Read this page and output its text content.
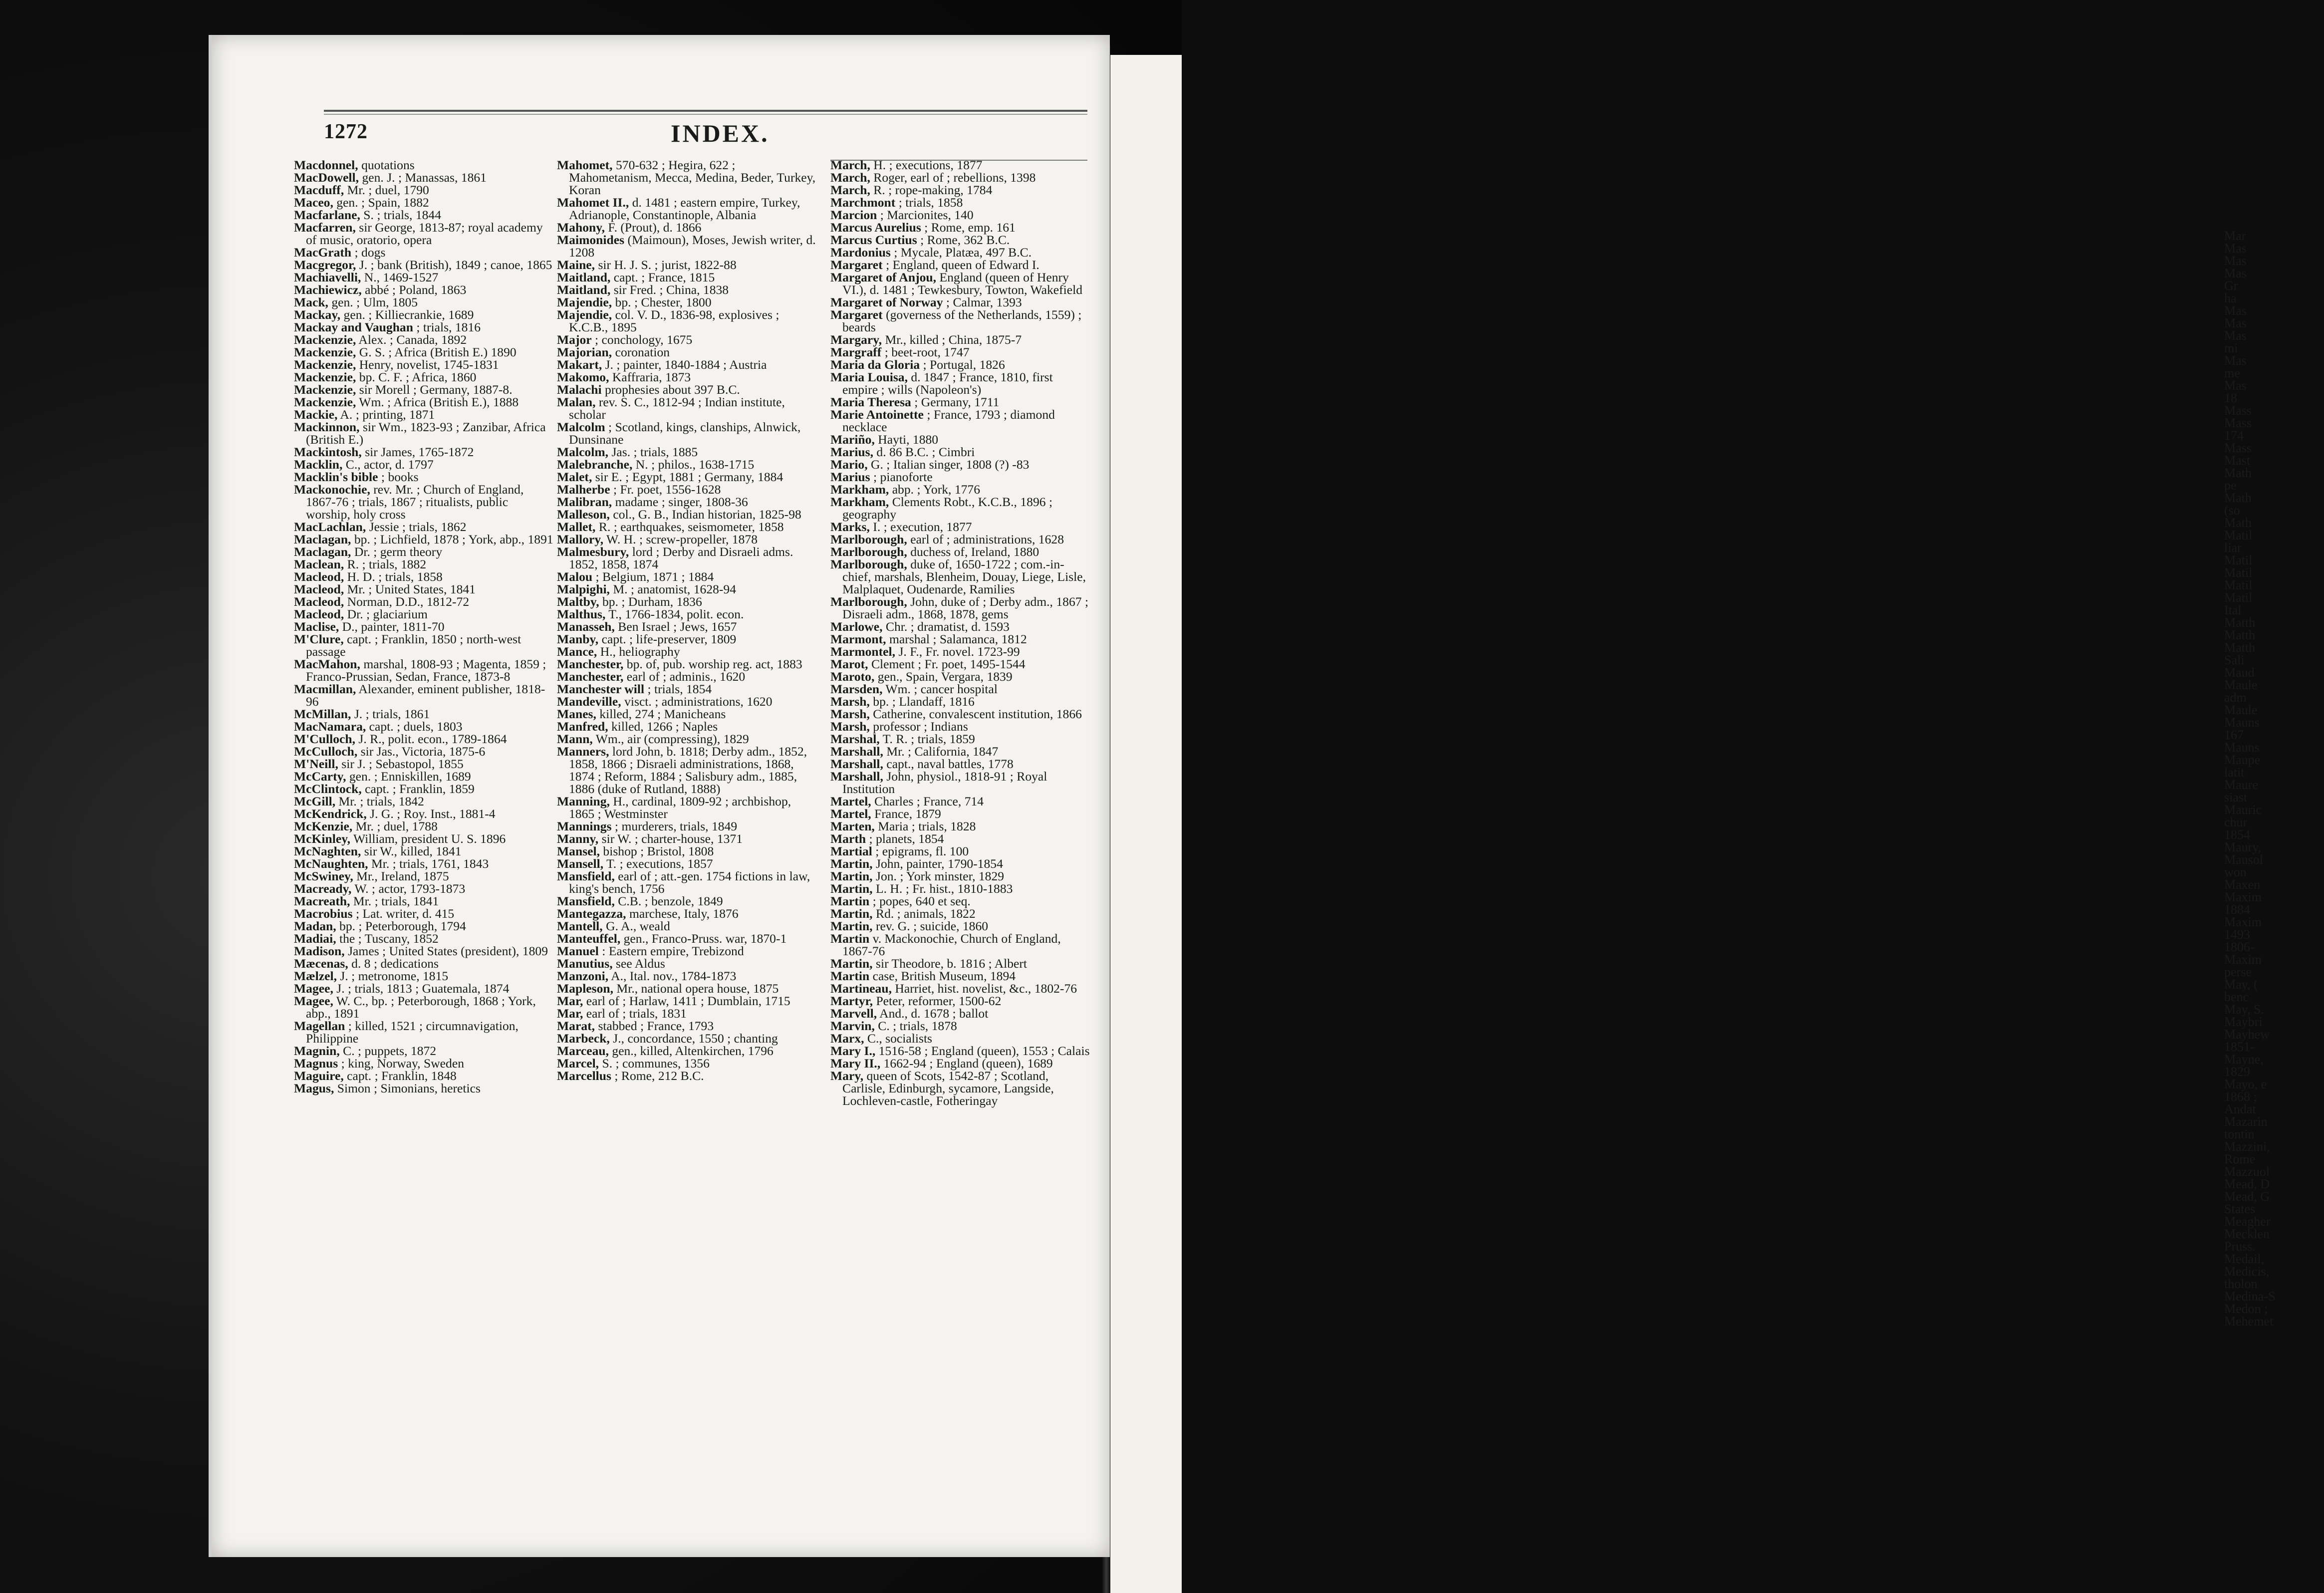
1272	INDEX.

Macdonnel, quotations

MacDowell, gen. J. ; Manassas, 1861

Macduff, Mr. ; duel, 1790

Maceo, gen. ; Spain, 1882

Macfarlane, S. ; trials, 1844

Macfarren, sir George, 1813-87; royal academy of music, oratorio, opera

MacGrath ; dogs

Macgregor, J. ; bank (British), 1849 ; canoe, 1865

Machiavelli, N., 1469-1527

Machiewicz, abbé ; Poland, 1863

Mack, gen. ; Ulm, 1805

Mackay, gen. ; Killiecrankie, 1689

Mackay and Vaughan ; trials, 1816

Mackenzie, Alex. ; Canada, 1892

Mackenzie, G. S. ; Africa (British E.) 1890

Mackenzie, Henry, novelist, 1745-1831

Mackenzie, bp. C. F. ; Africa, 1860

Mackenzie, sir Morell ; Germany, 1887-8.

Mackenzie, Wm. ; Africa (British E.), 1888

Mackie, A. ; printing, 1871

Mackinnon, sir Wm., 1823-93 ; Zanzibar, Africa (British E.)

Mackintosh, sir James, 1765-1872

Macklin, C., actor, d. 1797

Macklin's bible ; books

Mackonochie, rev. Mr. ; Church of England, 1867-76 ; trials, 1867 ; ritualists, public worship, holy cross

MacLachlan, Jessie ; trials, 1862

Maclagan, bp. ; Lichfield, 1878 ; York, abp., 1891

Maclagan, Dr. ; germ theory

Maclean, R. ; trials, 1882

Macleod, H. D. ; trials, 1858

Macleod, Mr. ; United States, 1841

Macleod, Norman, D.D., 1812-72

Macleod, Dr. ; glaciarium

Maclise, D., painter, 1811-70

M'Clure, capt. ; Franklin, 1850 ; north-west passage

MacMahon, marshal, 1808-93 ; Magenta, 1859 ; Franco-Prussian, Sedan, France, 1873-8

Macmillan, Alexander, eminent publisher, 1818-96

McMillan, J. ; trials, 1861

MacNamara, capt. ; duels, 1803

M'Culloch, J. R., polit. econ., 1789-1864

McCulloch, sir Jas., Victoria, 1875-6

M'Neill, sir J. ; Sebastopol, 1855

McCarty, gen. ; Enniskillen, 1689

McClintock, capt. ; Franklin, 1859

McGill, Mr. ; trials, 1842

McKendrick, J. G. ; Roy. Inst., 1881-4

McKenzie, Mr. ; duel, 1788

McKinley, William, president U. S. 1896

McNaghten, sir W., killed, 1841

McNaughten, Mr. ; trials, 1761, 1843

McSwiney, Mr., Ireland, 1875

Macready, W. ; actor, 1793-1873

Macreath, Mr. ; trials, 1841

Macrobius ; Lat. writer, d. 415

Madan, bp. ; Peterborough, 1794

Madiai, the ; Tuscany, 1852

Madison, James ; United States (president), 1809

Mæcenas, d. 8 ; dedications

Mælzel, J. ; metronome, 1815

Magee, J. ; trials, 1813 ; Guatemala, 1874

Magee, W. C., bp. ; Peterborough, 1868 ; York, abp., 1891

Magellan ; killed, 1521 ; circumnavigation, Philippine

Magnin, C. ; puppets, 1872

Magnus ; king, Norway, Sweden

Maguire, capt. ; Franklin, 1848

Magus, Simon ; Simonians, heretics

Mahomet, 570-632 ; Hegira, 622 ; Mahometanism, Mecca, Medina, Beder, Turkey, Koran

Mahomet II., d. 1481 ; eastern empire, Turkey, Adrianople, Constantinople, Albania

Mahony, F. (Prout), d. 1866

Maimonides (Maimoun), Moses, Jewish writer, d. 1208

Maine, sir H. J. S. ; jurist, 1822-88

Maitland, capt. ; France, 1815

Maitland, sir Fred. ; China, 1838

Majendie, bp. ; Chester, 1800

Majendie, col. V. D., 1836-98, explosives ; K.C.B., 1895

Major ; conchology, 1675

Majorian, coronation

Makart, J. ; painter, 1840-1884 ; Austria

Makomo, Kaffraria, 1873

Malachi prophesies about 397 B.C.

Malan, rev. S. C., 1812-94 ; Indian institute, scholar

Malcolm ; Scotland, kings, clanships, Alnwick, Dunsinane

Malcolm, Jas. ; trials, 1885

Malebranche, N. ; philos., 1638-1715

Malet, sir E. ; Egypt, 1881 ; Germany, 1884

Malherbe ; Fr. poet, 1556-1628

Malibran, madame ; singer, 1808-36

Malleson, col., G. B., Indian historian, 1825-98

Mallet, R. ; earthquakes, seismometer, 1858

Mallory, W. H. ; screw-propeller, 1878

Malmesbury, lord ; Derby and Disraeli adms. 1852, 1858, 1874

Malou ; Belgium, 1871 ; 1884

Malpighi, M. ; anatomist, 1628-94

Maltby, bp. ; Durham, 1836

Malthus, T., 1766-1834, polit. econ.

Manasseh, Ben Israel ; Jews, 1657

Manby, capt. ; life-preserver, 1809

Mance, H., heliography

Manchester, bp. of, pub. worship reg. act, 1883

Manchester, earl of ; adminis., 1620

Manchester will ; trials, 1854

Mandeville, visct. ; administrations, 1620

Manes, killed, 274 ; Manicheans

Manfred, killed, 1266 ; Naples

Mann, Wm., air (compressing), 1829

Manners, lord John, b. 1818; Derby adm., 1852, 1858, 1866 ; Disraeli administrations, 1868, 1874 ; Reform, 1884 ; Salisbury adm., 1885, 1886 (duke of Rutland, 1888)

Manning, H., cardinal, 1809-92 ; archbishop, 1865 ; Westminster

Mannings ; murderers, trials, 1849

Manny, sir W. ; charter-house, 1371

Mansel, bishop ; Bristol, 1808

Mansell, T. ; executions, 1857

Mansfield, earl of ; att.-gen. 1754 fictions in law, king's bench, 1756

Mansfield, C.B. ; benzole, 1849

Mantegazza, marchese, Italy, 1876

Mantell, G. A., weald

Manteuffel, gen., Franco-Pruss. war, 1870-1

Manuel : Eastern empire, Trebizond

Manutius, see Aldus

Manzoni, A., Ital. nov., 1784-1873

Mapleson, Mr., national opera house, 1875

Mar, earl of ; Harlaw, 1411 ; Dumblain, 1715

Mar, earl of ; trials, 1831

Marat, stabbed ; France, 1793

Marbeck, J., concordance, 1550 ; chanting

Marceau, gen., killed, Altenkirchen, 1796

Marcel, S. ; communes, 1356

Marcellus ; Rome, 212 B.C.

March, H. ; executions, 1877

March, Roger, earl of ; rebellions, 1398

March, R. ; rope-making, 1784

Marchmont ; trials, 1858

Marcion ; Marcionites, 140

Marcus Aurelius ; Rome, emp. 161

Marcus Curtius ; Rome, 362 B.C.

Mardonius ; Mycale, Platæa, 497 B.C.

Margaret ; England, queen of Edward I.

Margaret of Anjou, England (queen of Henry VI.), d. 1481 ; Tewkesbury, Towton, Wakefield

Margaret of Norway ; Calmar, 1393

Margaret (governess of the Netherlands, 1559) ; beards

Margary, Mr., killed ; China, 1875-7

Margraff ; beet-root, 1747

Maria da Gloria ; Portugal, 1826

Maria Louisa, d. 1847 ; France, 1810, first empire ; wills (Napoleon's)

Maria Theresa ; Germany, 1711

Marie Antoinette ; France, 1793 ; diamond necklace

Mariño, Hayti, 1880

Marius, d. 86 B.C. ; Cimbri

Mario, G. ; Italian singer, 1808 (?) -83

Marius ; pianoforte

Markham, abp. ; York, 1776

Markham, Clements Robt., K.C.B., 1896 ; geography

Marks, I. ; execution, 1877

Marlborough, earl of ; administrations, 1628

Marlborough, duchess of, Ireland, 1880

Marlborough, duke of, 1650-1722 ; com.-in-chief, marshals, Blenheim, Douay, Liege, Lisle, Malplaquet, Oudenarde, Ramilies

Marlborough, John, duke of ; Derby adm., 1867 ; Disraeli adm., 1868, 1878, gems

Marlowe, Chr. ; dramatist, d. 1593

Marmont, marshal ; Salamanca, 1812

Marmontel, J. F., Fr. novel. 1723-99

Marot, Clement ; Fr. poet, 1495-1544

Maroto, gen., Spain, Vergara, 1839

Marsden, Wm. ; cancer hospital

Marsh, bp. ; Llandaff, 1816

Marsh, Catherine, convalescent institution, 1866

Marsh, professor ; Indians

Marshal, T. R. ; trials, 1859

Marshall, Mr. ; California, 1847

Marshall, capt., naval battles, 1778

Marshall, John, physiol., 1818-91 ; Royal Institution

Martel, Charles ; France, 714

Martel, France, 1879

Marten, Maria ; trials, 1828

Marth ; planets, 1854

Martial ; epigrams, fl. 100

Martin, John, painter, 1790-1854

Martin, Jon. ; York minster, 1829

Martin, L. H. ; Fr. hist., 1810-1883

Martin ; popes, 640 et seq.

Martin, Rd. ; animals, 1822

Martin, rev. G. ; suicide, 1860

Martin v. Mackonochie, Church of England, 1867-76

Martin, sir Theodore, b. 1816 ; Albert

Martin case, British Museum, 1894

Martineau, Harriet, hist. novelist, &c., 1802-76

Martyr, Peter, reformer, 1500-62

Marvell, And., d. 1678 ; ballot

Marvin, C. ; trials, 1878

Marx, C., socialists

Mary I., 1516-58 ; England (queen), 1553 ; Calais

Mary II., 1662-94 ; England (queen), 1689

Mary, queen of Scots, 1542-87 ; Scotland, Carlisle, Edinburgh, sycamore, Langside, Lochleven-castle, Fotheringay

Mar
Mas
Mas
Mas
Gr
ha
Mas
Mas
Mas
mi
Mas
me
Mas
18
Mass
Mass
174
Mass
Mast
Math
pe
Math
(so
Math
Matil
liar
Matil
Matil
Matil
Matil
Ital
Matth
Matth
Matth
Sali
Maud
Maule
adm
Maule
Mauns
167
Mauns
Maupe
latit
Maure
siast
Mauric
chur
1854
Maury,
Mausol
won
Maxen
Maxim
1884
Maxim
1493
1806-
Maxim
perse
May, (
benc
May, S.
Maybri
Mayhew
1851-
Mayne,
1829
Mayo, e
1868 ;
Andat
Mazarin
tontin
Mazzini,
Rome
Mazzuol
Mead, D
Mead, G
States
Meagher
Mecklen
Pruss.
Medail,
Medicis,
tholon
Medina-S
Medon ;
Mehemet
